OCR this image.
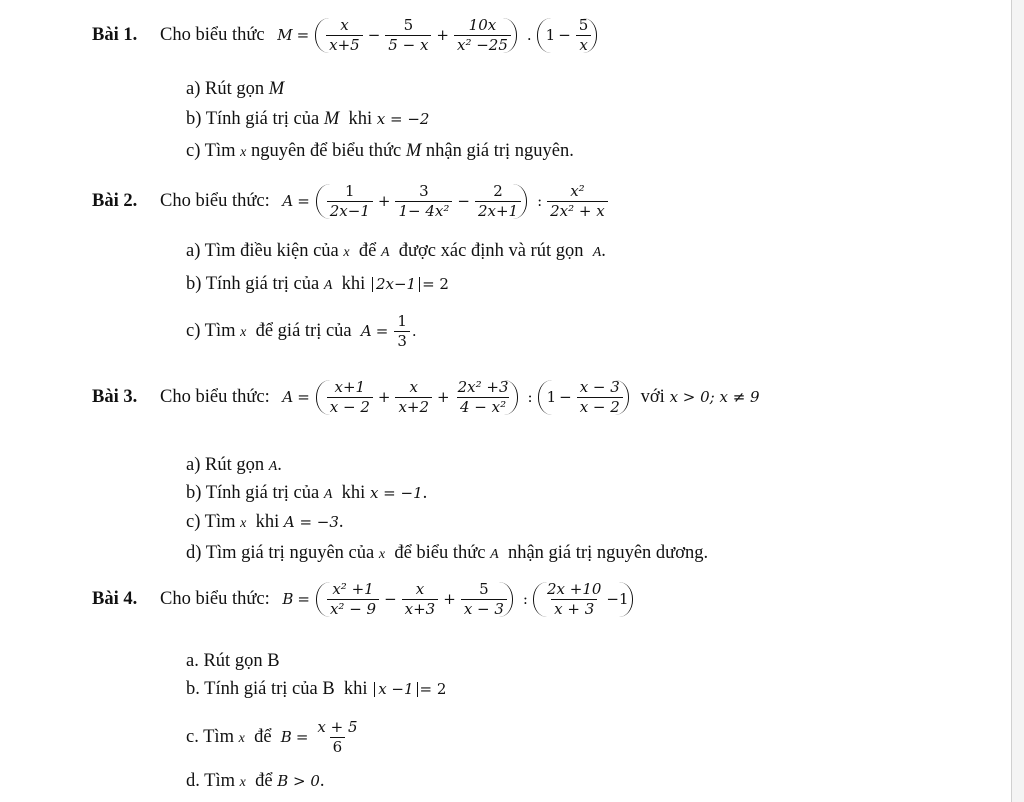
Bài 1. Cho biểu thức $M = \frac{x}{x+5} - \frac{5}{5 - x} + \frac{10x}{\text{x² −25}}$ . $1 - \frac{5}{x}$
a) Rút gọn M
b) Tính giá trị của M khi x = −2
c) Tìm x nguyên để biểu thức M nhận giá trị nguyên.
Bài 2. Cho biểu thức: $A = \frac{1}{2x-1} + \frac{3}{\text{1− 4x²}} - \frac{2}{2x+1}$ : $\frac{\text{x²}}{\text{2x² + x}}$
a) Tìm điều kiện của x để A được xác định và rút gọn A.
b) Tính giá trị của A khi 2x−1 = 2
c) Tìm x để giá trị của $A = \frac{1}{3}$ .
Bài 3. Cho biểu thức: $A = \frac{x+1}{x - 2} + \frac{x}{x+2} + \frac{\text{2x² +3}}{\text{4 − x²}}$ : $1 - \frac{x - 3}{x - 2}$
với
x > 0; x ≠ 9
a) Rút gọn A.
b) Tính giá trị của A khi x = −1.
c) Tìm x khi A = −3.
d) Tìm giá trị nguyên của x để biểu thức A nhận giá trị nguyên dương.
Bài 4. Cho biểu thức: $B = \frac{\text{x² +1}}{\text{x² − 9}} - \frac{x}{x+3} + \frac{5}{x - 3}$ : $\frac{2x +10}{x + 3} -1$
a. Rút gọn B
b. Tính giá trị của B khi x −1 = 2
c. Tìm x để $B = \frac{x + 5}{6}$
d. Tìm x để B > 0.
